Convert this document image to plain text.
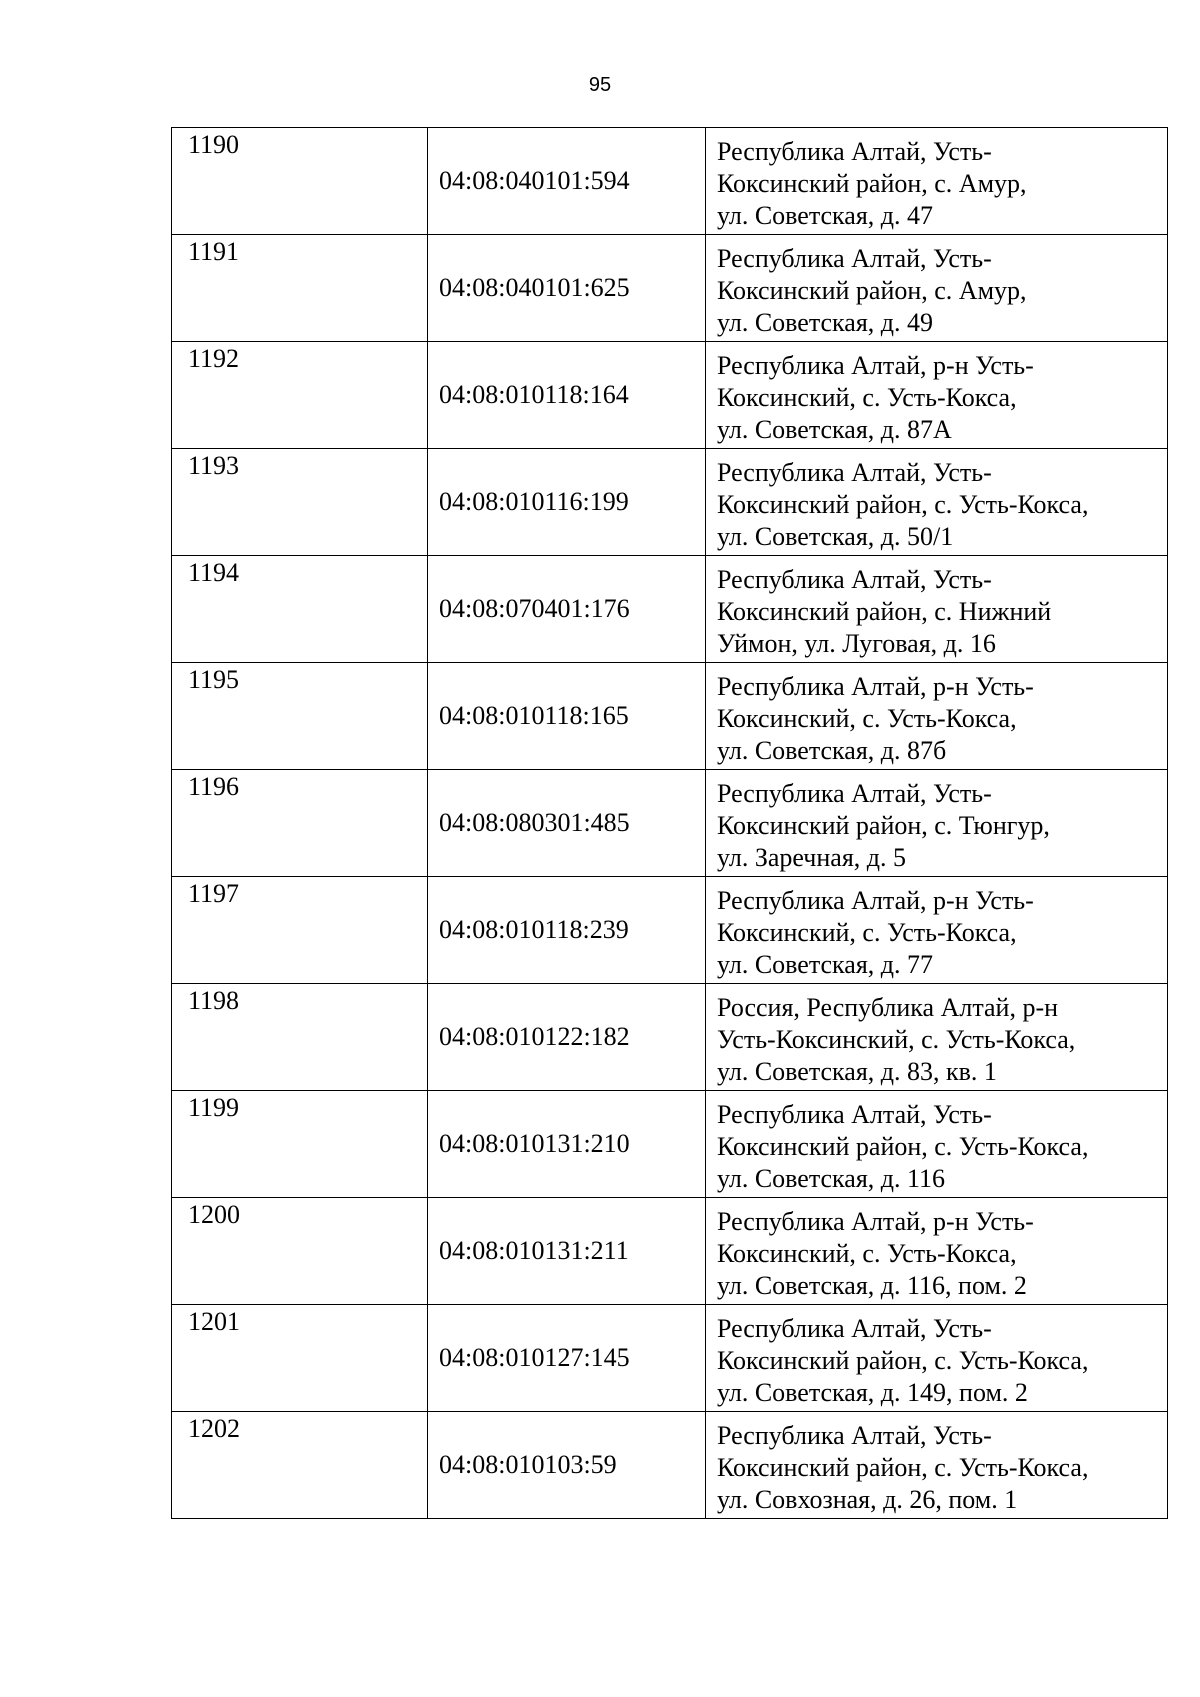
95
1190	04:08:040101:594	Республика Алтай, Усть-
Коксинский район, с. Амур,
ул. Советская, д. 47

1191	04:08:040101:625	Республика Алтай, Усть-
Коксинский район, с. Амур,
ул. Советская, д. 49

1192	04:08:010118:164	Республика Алтай, р-н Усть-
Коксинский, с. Усть-Кокса,
ул. Советская, д. 87А

1193	04:08:010116:199	Республика Алтай, Усть-
Коксинский район, с. Усть-Кокса,
ул. Советская, д. 50/1

1194	04:08:070401:176	Республика Алтай, Усть-
Коксинский район, с. Нижний
Уймон, ул. Луговая, д. 16

1195	04:08:010118:165	Республика Алтай, р-н Усть-
Коксинский, с. Усть-Кокса,
ул. Советская, д. 87б

1196	04:08:080301:485	Республика Алтай, Усть-
Коксинский район, с. Тюнгур,
ул. Заречная, д. 5

1197	04:08:010118:239	Республика Алтай, р-н Усть-
Коксинский, с. Усть-Кокса,
ул. Советская, д. 77

1198	04:08:010122:182	Россия, Республика Алтай, р-н
Усть-Коксинский, с. Усть-Кокса,
ул. Советская, д. 83, кв. 1

1199	04:08:010131:210	Республика Алтай, Усть-
Коксинский район, с. Усть-Кокса,
ул. Советская, д. 116

1200	04:08:010131:211	Республика Алтай, р-н Усть-
Коксинский, с. Усть-Кокса,
ул. Советская, д. 116, пом. 2

1201	04:08:010127:145	Республика Алтай, Усть-
Коксинский район, с. Усть-Кокса,
ул. Советская, д. 149, пом. 2

1202	04:08:010103:59	Республика Алтай, Усть-
Коксинский район, с. Усть-Кокса,
ул. Совхозная, д. 26, пом. 1
